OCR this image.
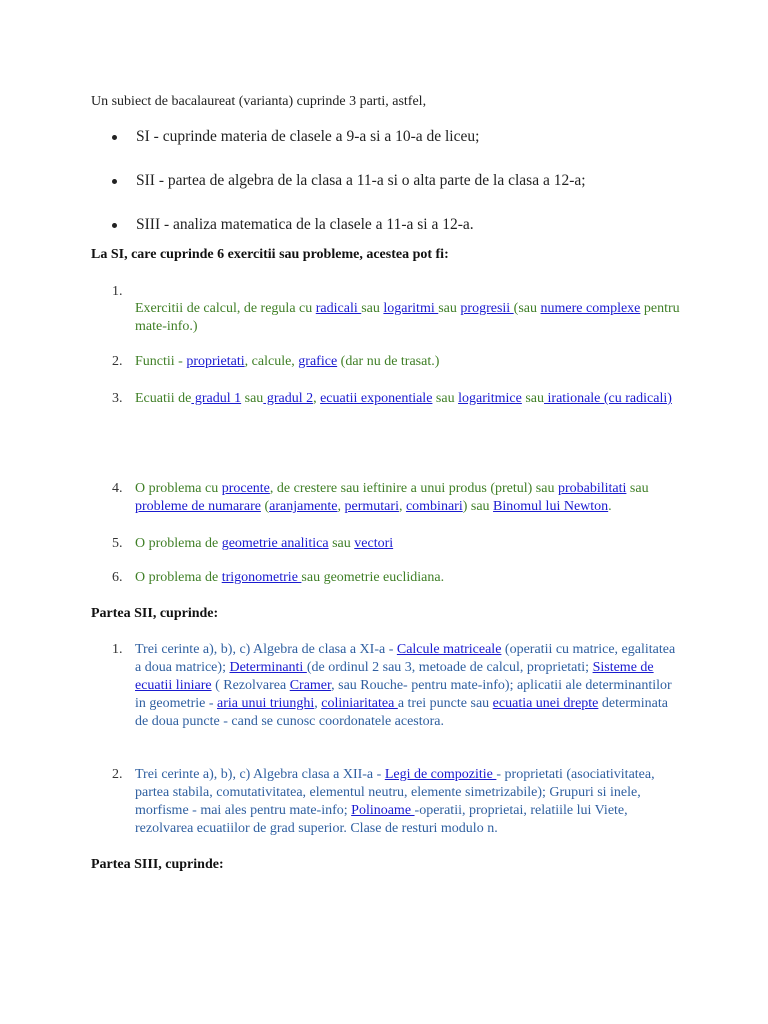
Un subiect de bacalaureat (varianta) cuprinde 3 parti, astfel,
SI - cuprinde materia de clasele a 9-a si a 10-a de liceu;
SII - partea de algebra de la clasa a 11-a si o alta parte de la clasa a 12-a;
SIII - analiza matematica de la clasele a 11-a si a 12-a.
La SI, care cuprinde 6 exercitii sau probleme, acestea pot fi:
1.
Exercitii de calcul, de regula cu radicali sau logaritmi sau progresii (sau numere complexe pentru mate-info.)
2. Functii - proprietati, calcule, grafice (dar nu de trasat.)
3. Ecuatii de gradul 1 sau gradul 2, ecuatii exponentiale sau logaritmice sau irationale (cu radicali)
4. O problema cu procente, de crestere sau ieftinire a unui produs (pretul) sau probabilitati sau probleme de numarare (aranjamente, permutari, combinari) sau Binomul lui Newton.
5. O problema de geometrie analitica sau vectori
6. O problema de trigonometrie sau geometrie euclidiana.
Partea SII, cuprinde:
1. Trei cerinte a), b), c) Algebra de clasa a XI-a - Calcule matriceale (operatii cu matrice, egalitatea a doua matrice); Determinanti (de ordinul 2 sau 3, metoade de calcul, proprietati; Sisteme de ecuatii liniare ( Rezolvarea Cramer, sau Rouche- pentru mate-info); aplicatii ale determinantilor in geometrie - aria unui triunghi, coliniaritatea a trei puncte sau ecuatia unei drepte determinata de doua puncte - cand se cunosc coordonatele acestora.
2. Trei cerinte a), b), c) Algebra clasa a XII-a - Legi de compozitie - proprietati (asociativitatea, partea stabila, comutativitatea, elementul neutru, elemente simetrizabile); Grupuri si inele, morfisme - mai ales pentru mate-info; Polinoame -operatii, proprietai, relatiile lui Viete, rezolvarea ecuatiilor de grad superior. Clase de resturi modulo n.
Partea SIII, cuprinde:
